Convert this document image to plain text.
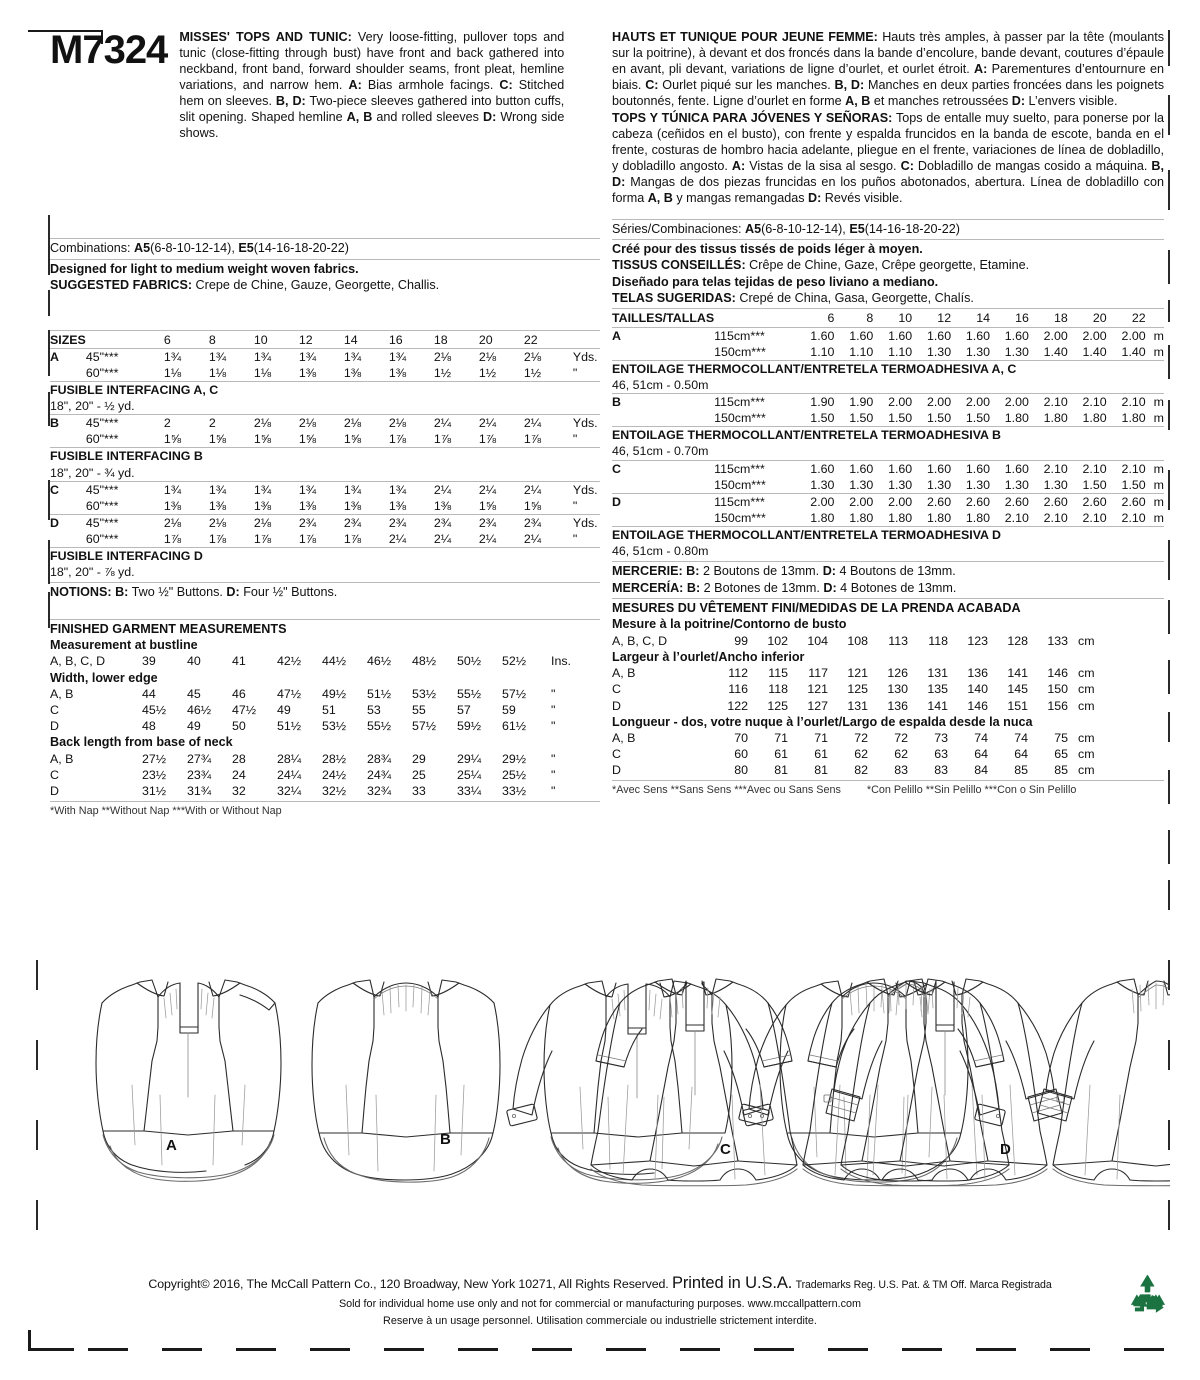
M7324 MISSES' TOPS AND TUNIC: Very loose-fitting, pullover tops and tunic (close-fitting through bust) have front and back gathered into neckband, front band, forward shoulder seams, front pleat, hemline variations, and narrow hem. A: Bias armhole facings. C: Stitched hem on sleeves. B, D: Two-piece sleeves gathered into button cuffs, slit opening. Shaped hemline A, B and rolled sleeves D: Wrong side shows.
Combinations: A5(6-8-10-12-14), E5(14-16-18-20-22)
Designed for light to medium weight woven fabrics.
SUGGESTED FABRICS: Crepe de Chine, Gauze, Georgette, Challis.
SIZES		6	8	10	12	14	16	18	20	22	
A	45"***	1¾	1¾	1¾	1¾	1¾	1¾	2⅛	2⅛	2⅛	Yds.
	60"***	1⅛	1⅛	1⅛	1⅜	1⅜	1⅜	1½	1½	1½	"
FUSIBLE INTERFACING A, C											
18", 20" - ½ yd.											
B	45"***	2	2	2⅛	2⅛	2⅛	2⅛	2¼	2¼	2¼	Yds.
	60"***	1⅝	1⅝	1⅝	1⅝	1⅝	1⅞	1⅞	1⅞	1⅞	"
FUSIBLE INTERFACING B											
18", 20" - ¾ yd.											
C	45"***	1¾	1¾	1¾	1¾	1¾	1¾	2¼	2¼	2¼	Yds.
	60"***	1⅜	1⅜	1⅜	1⅜	1⅜	1⅜	1⅜	1⅝	1⅝	"
D	45"***	2⅛	2⅛	2⅛	2¾	2¾	2¾	2¾	2¾	2¾	Yds.
	60"***	1⅞	1⅞	1⅞	1⅞	1⅞	2¼	2¼	2¼	2¼	"
FUSIBLE INTERFACING D											
18", 20" - ⅞ yd.											
NOTIONS: B: Two ½" Buttons. D: Four ½" Buttons.
FINISHED GARMENT MEASUREMENTS
Measurement at bustline
A, B, C, D	39	40	41	42½	44½	46½	48½	50½	52½	Ins.
Width, lower edge
A, B	44	45	46	47½	49½	51½	53½	55½	57½	"
C	45½	46½	47½	49	51	53	55	57	59	"
D	48	49	50	51½	53½	55½	57½	59½	61½	"
Back length from base of neck
A, B	27½	27¾	28	28¼	28½	28¾	29	29¼	29½	"
C	23½	23¾	24	24¼	24½	24¾	25	25¼	25½	"
D	31½	31¾	32	32¼	32½	32¾	33	33¼	33½	"
*With Nap **Without Nap ***With or Without Nap
HAUTS ET TUNIQUE POUR JEUNE FEMME: Hauts très amples, à passer par la tête (moulants sur la poitrine), à devant et dos froncés dans la bande d’encolure, bande devant, coutures d’épaule en avant, pli devant, variations de ligne d’ourlet, et ourlet étroit. A: Parementures d’entournure en biais. C: Ourlet piqué sur les manches. B, D: Manches en deux parties froncées dans les poignets boutonnés, fente. Ligne d’ourlet en forme A, B et manches retroussées D: L’envers visible.
TOPS Y TÚNICA PARA JÓVENES Y SEÑORAS: Tops de entalle muy suelto, para ponerse por la cabeza (ceñidos en el busto), con frente y espalda fruncidos en la banda de escote, banda en el frente, costuras de hombro hacia adelante, pliegue en el frente, variaciones de línea de dobladillo, y dobladillo angosto. A: Vistas de la sisa al sesgo. C: Dobladillo de mangas cosido a máquina. B, D: Mangas de dos piezas fruncidas en los puños abotonados, abertura. Línea de dobladillo con forma A, B y mangas remangadas D: Revés visible.
Séries/Combinaciones: A5(6-8-10-12-14), E5(14-16-18-20-22)
Créé pour des tissus tissés de poids léger à moyen.
TISSUS CONSEILLÉS: Crêpe de Chine, Gaze, Crêpe georgette, Etamine.
Diseñado para telas tejidas de peso liviano a mediano.
TELAS SUGERIDAS: Crepé de China, Gasa, Georgette, Chalís.
TAILLES/TALLAS		6	8	10	12	14	16	18	20	22	
A	115cm***	1.60	1.60	1.60	1.60	1.60	1.60	2.00	2.00	2.00	m
	150cm***	1.10	1.10	1.10	1.30	1.30	1.30	1.40	1.40	1.40	m
ENTOILAGE THERMOCOLLANT/ENTRETELA TERMOADHESIVA A, C											
46, 51cm - 0.50m											
B	115cm***	1.90	1.90	2.00	2.00	2.00	2.00	2.10	2.10	2.10	m
	150cm***	1.50	1.50	1.50	1.50	1.50	1.80	1.80	1.80	1.80	m
ENTOILAGE THERMOCOLLANT/ENTRETELA TERMOADHESIVA B											
46, 51cm - 0.70m											
C	115cm***	1.60	1.60	1.60	1.60	1.60	1.60	2.10	2.10	2.10	m
	150cm***	1.30	1.30	1.30	1.30	1.30	1.30	1.30	1.50	1.50	m
D	115cm***	2.00	2.00	2.00	2.60	2.60	2.60	2.60	2.60	2.60	m
	150cm***	1.80	1.80	1.80	1.80	1.80	2.10	2.10	2.10	2.10	m
ENTOILAGE THERMOCOLLANT/ENTRETELA TERMOADHESIVA D											
46, 51cm - 0.80m											
MERCERIE: B: 2 Boutons de 13mm. D: 4 Boutons de 13mm.
MERCERÍA: B: 2 Botones de 13mm. D: 4 Botones de 13mm.
MESURES DU VÊTEMENT FINI/MEDIDAS DE LA PRENDA ACABADA
Mesure à la poitrine/Contorno de busto
A, B, C, D	99	102	104	108	113	118	123	128	133	cm
Largeur à l’ourlet/Ancho inferior
A, B	112	115	117	121	126	131	136	141	146	cm
C	116	118	121	125	130	135	140	145	150	cm
D	122	125	127	131	136	141	146	151	156	cm
Longueur - dos, votre nuque à l’ourlet/Largo de espalda desde la nuca
A, B	70	71	71	72	72	73	74	74	75	cm
C	60	61	61	62	62	63	64	64	65	cm
D	80	81	81	82	83	83	84	85	85	cm
*Avec Sens **Sans Sens ***Avec ou Sans Sens *Con Pelillo **Sin Pelillo ***Con o Sin Pelillo
A	B
C	D
Copyright© 2016, The McCall Pattern Co., 120 Broadway, New York 10271, All Rights Reserved. Printed in U.S.A. Trademarks Reg. U.S. Pat. & TM Off. Marca Registrada
Sold for individual home use only and not for commercial or manufacturing purposes. www.mccallpattern.com
Reserve à un usage personnel. Utilisation commerciale ou industrielle strictement interdite.
